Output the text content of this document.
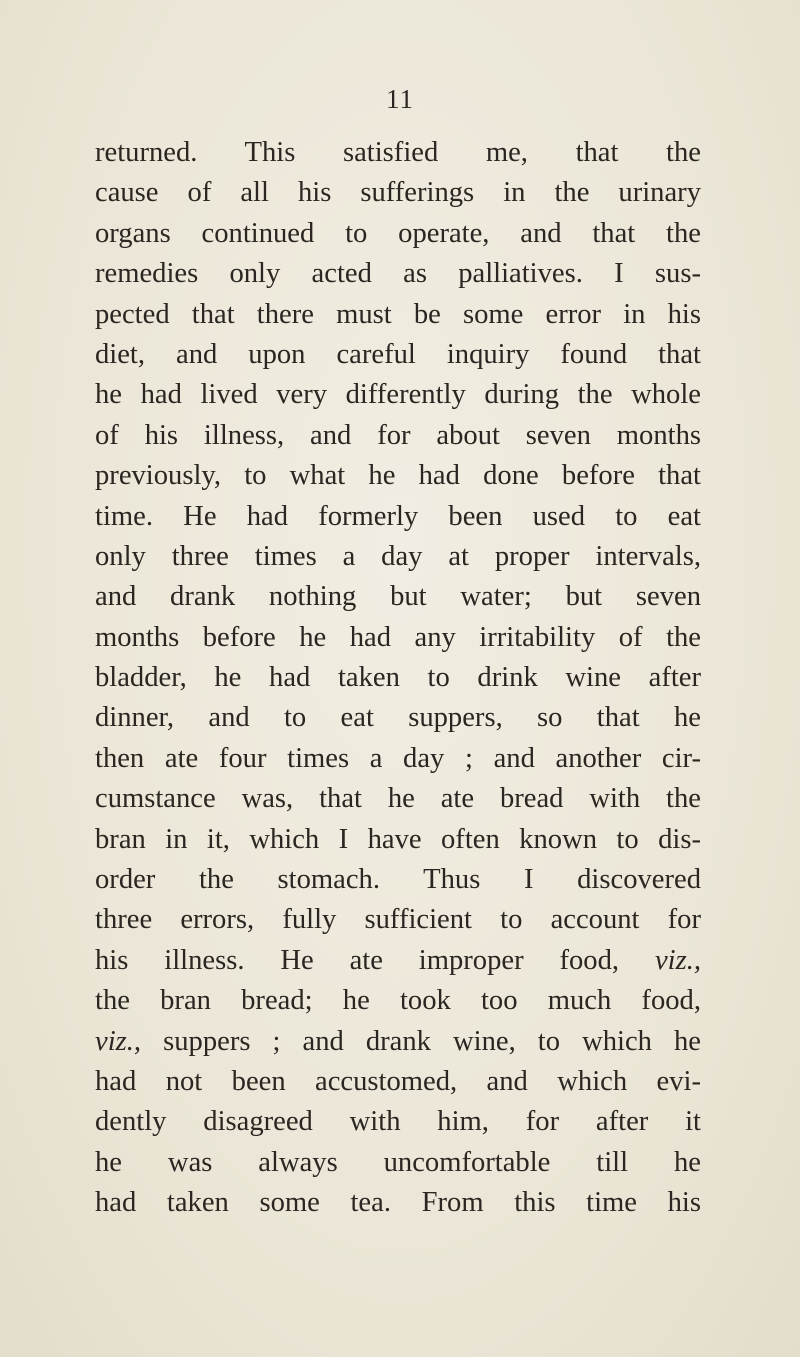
11
returned. This satisfied me, that the
cause of all his sufferings in the urinary
organs continued to operate, and that the
remedies only acted as palliatives. I sus-
pected that there must be some error in his
diet, and upon careful inquiry found that
he had lived very differently during the whole
of his illness, and for about seven months
previously, to what he had done before that
time. He had formerly been used to eat
only three times a day at proper intervals,
and drank nothing but water; but seven
months before he had any irritability of the
bladder, he had taken to drink wine after
dinner, and to eat suppers, so that he
then ate four times a day ; and another cir-
cumstance was, that he ate bread with the
bran in it, which I have often known to dis-
order the stomach. Thus I discovered
three errors, fully sufficient to account for
his illness. He ate improper food, viz.,
the bran bread; he took too much food,
viz., suppers ; and drank wine, to which he
had not been accustomed, and which evi-
dently disagreed with him, for after it
he was always uncomfortable till he
had taken some tea. From this time his
